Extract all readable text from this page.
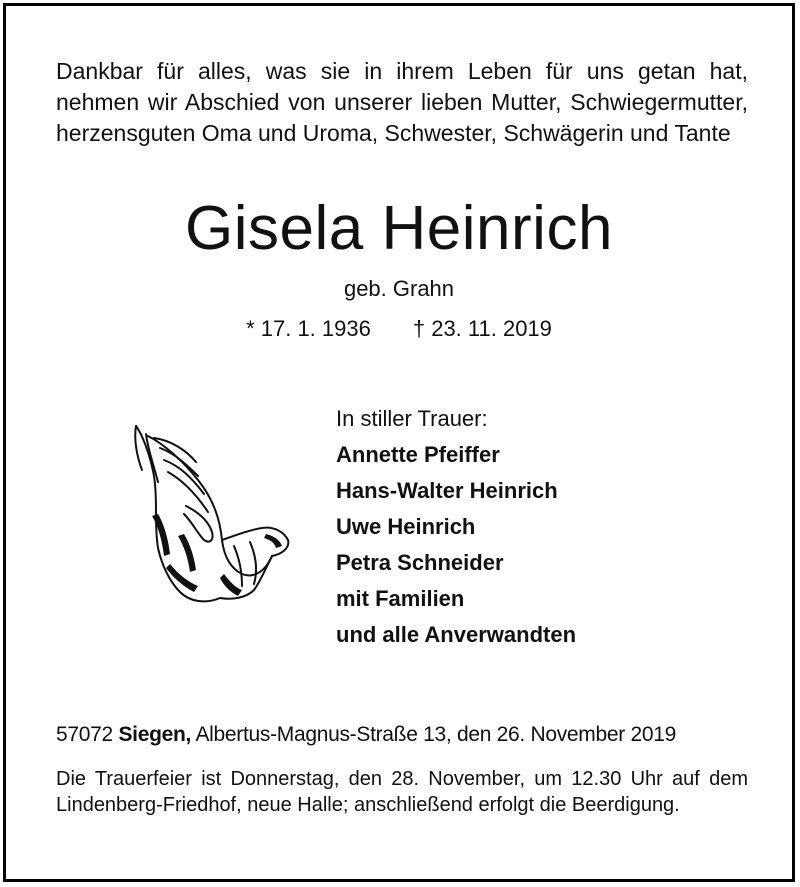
Dankbar für alles, was sie in ihrem Leben für uns getan hat, nehmen wir Abschied von unserer lieben Mutter, Schwiegermutter, herzensguten Oma und Uroma, Schwester, Schwägerin und Tante
Gisela Heinrich
geb. Grahn
* 17. 1. 1936 † 23. 11. 2019
In stiller Trauer:
Annette Pfeiffer
Hans-Walter Heinrich
Uwe Heinrich
Petra Schneider
mit Familien
und alle Anverwandten
57072 Siegen, Albertus-Magnus-Straße 13, den 26. November 2019
Die Trauerfeier ist Donnerstag, den 28. November, um 12.30 Uhr auf dem Lindenberg-Friedhof, neue Halle; anschließend erfolgt die Beerdigung.
